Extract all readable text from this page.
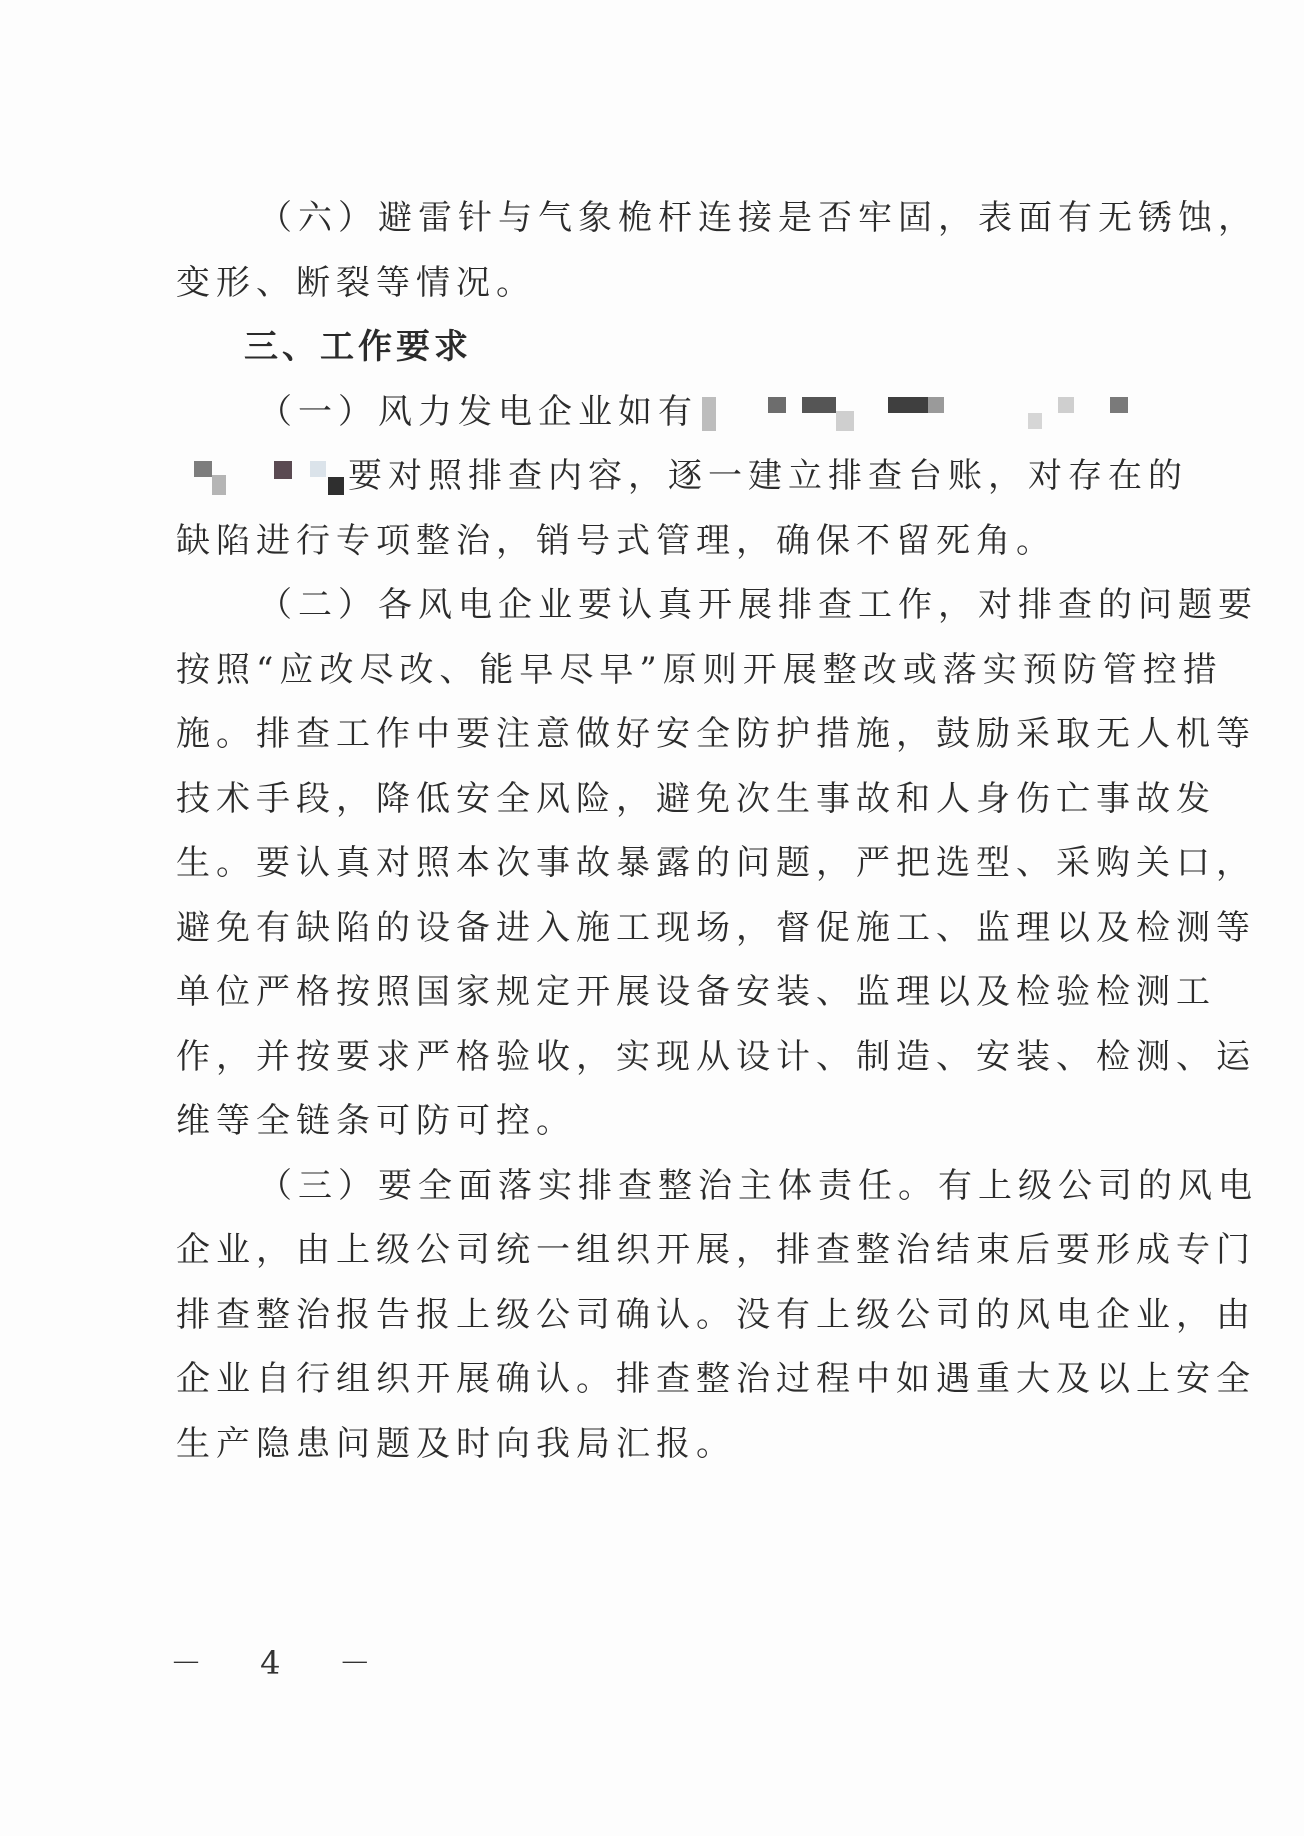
（六）避雷针与气象桅杆连接是否牢固，表面有无锈蚀，
变形、断裂等情况。
三、工作要求
（一）风力发电企业如有
要对照排查内容，逐一建立排查台账，对存在的
缺陷进行专项整治，销号式管理，确保不留死角。
（二）各风电企业要认真开展排查工作，对排查的问题要
按照“应改尽改、能早尽早”原则开展整改或落实预防管控措
施。排查工作中要注意做好安全防护措施，鼓励采取无人机等
技术手段，降低安全风险，避免次生事故和人身伤亡事故发
生。要认真对照本次事故暴露的问题，严把选型、采购关口，
避免有缺陷的设备进入施工现场，督促施工、监理以及检测等
单位严格按照国家规定开展设备安装、监理以及检验检测工
作，并按要求严格验收，实现从设计、制造、安装、检测、运
维等全链条可防可控。
（三）要全面落实排查整治主体责任。有上级公司的风电
企业，由上级公司统一组织开展，排查整治结束后要形成专门
排查整治报告报上级公司确认。没有上级公司的风电企业，由
企业自行组织开展确认。排查整治过程中如遇重大及以上安全
生产隐患问题及时向我局汇报。
－ 4 －
